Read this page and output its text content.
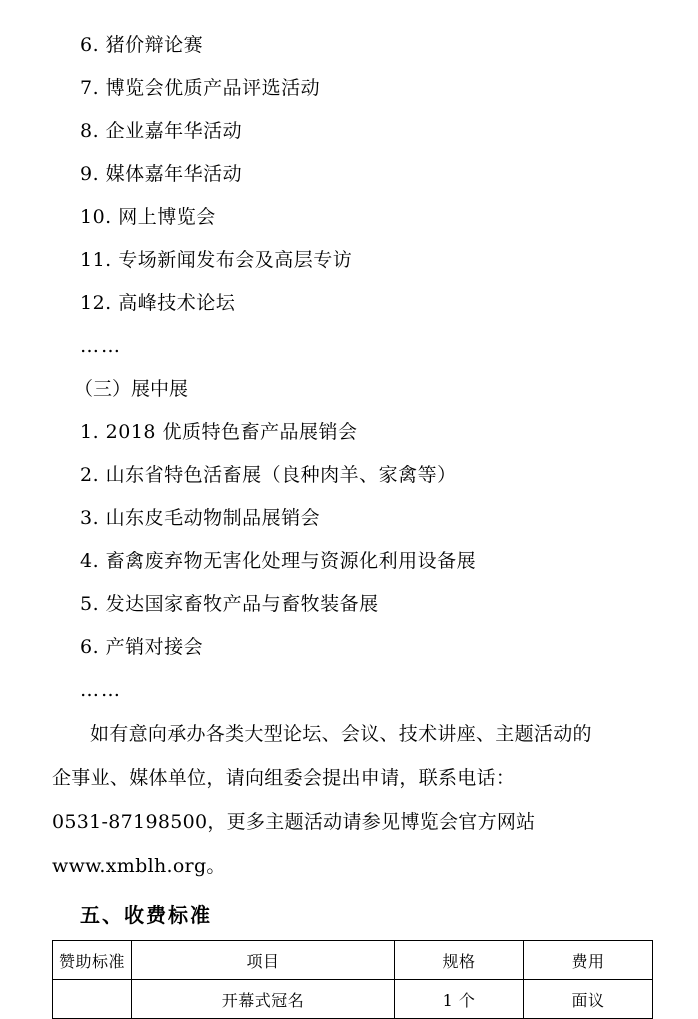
6. 猪价辩论赛
7. 博览会优质产品评选活动
8. 企业嘉年华活动
9. 媒体嘉年华活动
10. 网上博览会
11. 专场新闻发布会及高层专访
12. 高峰技术论坛
……
（三）展中展
1. 2018 优质特色畜产品展销会
2. 山东省特色活畜展（良种肉羊、家禽等）
3. 山东皮毛动物制品展销会
4. 畜禽废弃物无害化处理与资源化利用设备展
5. 发达国家畜牧产品与畜牧装备展
6. 产销对接会
……
如有意向承办各类大型论坛、会议、技术讲座、主题活动的
企事业、媒体单位，请向组委会提出申请，联系电话：
0531-87198500，更多主题活动请参见博览会官方网站
www.xmblh.org。
五、收费标准
赞助标准	项目	规格	费用
	开幕式冠名	1 个	面议
